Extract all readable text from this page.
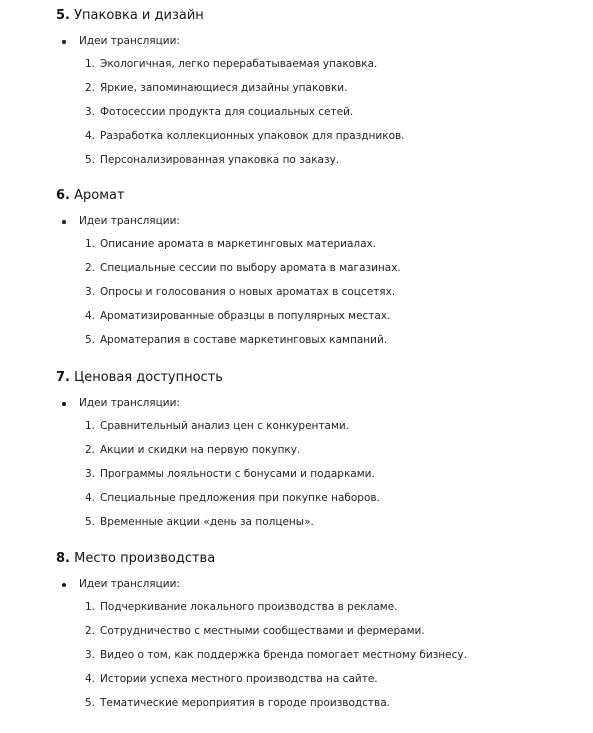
5. Упаковка и дизайн
Идеи трансляции:
1. Экологичная, легко перерабатываемая упаковка.
2. Яркие, запоминающиеся дизайны упаковки.
3. Фотосессии продукта для социальных сетей.
4. Разработка коллекционных упаковок для праздников.
5. Персонализированная упаковка по заказу.
6. Аромат
Идеи трансляции:
1. Описание аромата в маркетинговых материалах.
2. Специальные сессии по выбору аромата в магазинах.
3. Опросы и голосования о новых ароматах в соцсетях.
4. Ароматизированные образцы в популярных местах.
5. Ароматерапия в составе маркетинговых кампаний.
7. Ценовая доступность
Идеи трансляции:
1. Сравнительный анализ цен с конкурентами.
2. Акции и скидки на первую покупку.
3. Программы лояльности с бонусами и подарками.
4. Специальные предложения при покупке наборов.
5. Временные акции «день за полцены».
8. Место производства
Идеи трансляции:
1. Подчеркивание локального производства в рекламе.
2. Сотрудничество с местными сообществами и фермерами.
3. Видео о том, как поддержка бренда помогает местному бизнесу.
4. Истории успеха местного производства на сайте.
5. Тематические мероприятия в городе производства.
